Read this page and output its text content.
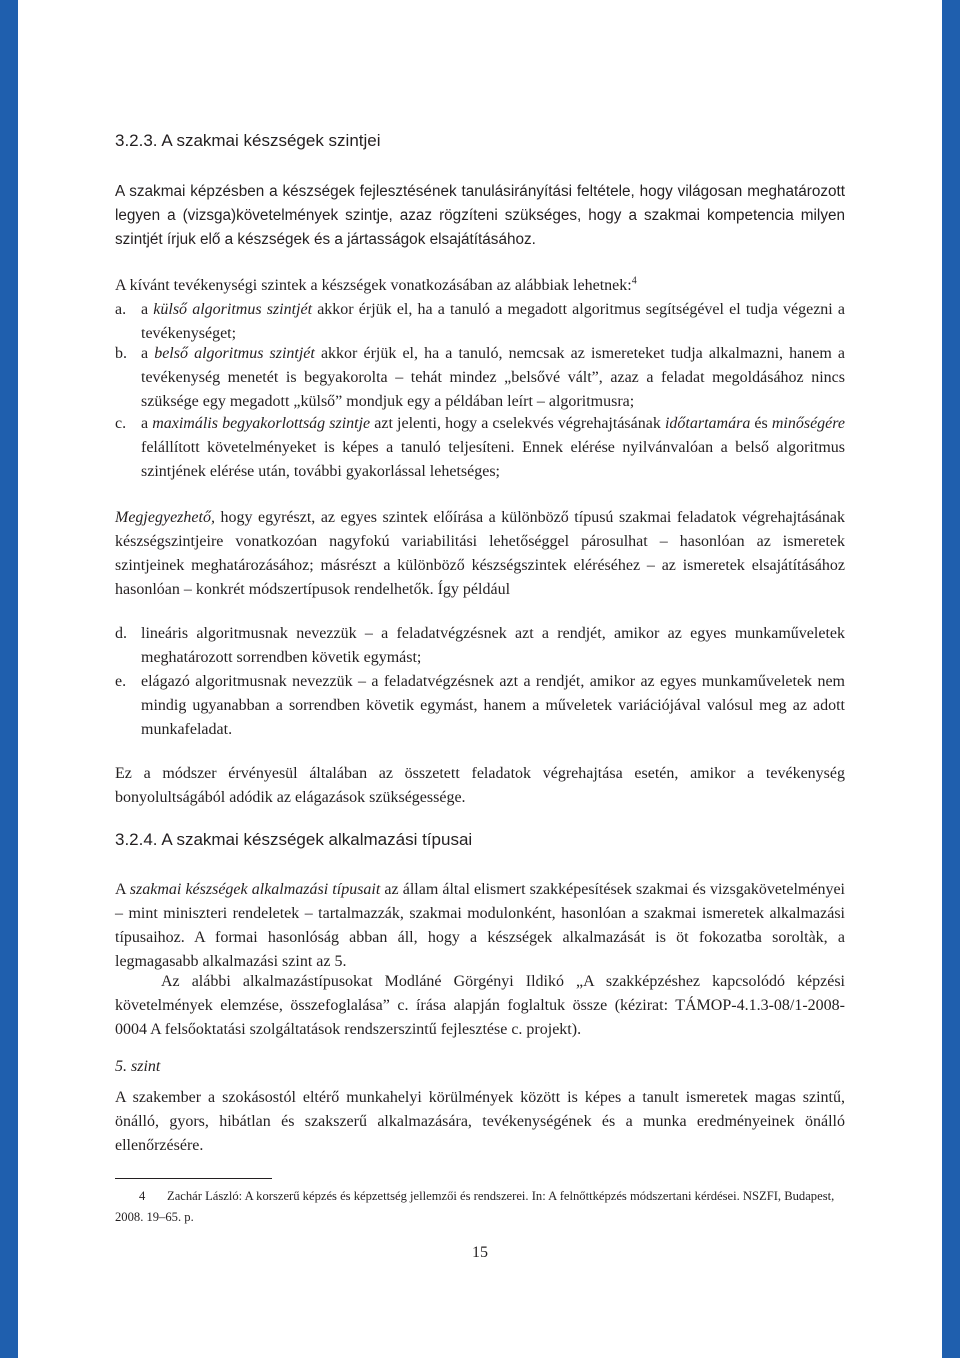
3.2.3. A szakmai készségek szintjei
A szakmai képzésben a készségek fejlesztésének tanulásirányítási feltétele, hogy világosan meghatározott legyen a (vizsga)követelmények szintje, azaz rögzíteni szükséges, hogy a szakmai kompetencia milyen szintjét írjuk elő a készségek és a jártasságok elsajátításához.
A kívánt tevékenységi szintek a készségek vonatkozásában az alábbiak lehetnek:$^4$
a. a külső algoritmus szintjét akkor érjük el, ha a tanuló a megadott algoritmus segítségével el tudja végezni a tevékenységet;
b. a belső algoritmus szintjét akkor érjük el, ha a tanuló, nemcsak az ismereteket tudja alkalmazni, hanem a tevékenység menetét is begyakorolta – tehát mindez „belsővé vált”, azaz a feladat megoldásához nincs szüksége egy megadott „külső” mondjuk egy a példában leírt – algoritmusra;
c. a maximális begyakorlottság szintje azt jelenti, hogy a cselekvés végrehajtásának időtartamára és minőségére felállított követelményeket is képes a tanuló teljesíteni. Ennek elérése nyilvánvalóan a belső algoritmus szintjének elérése után, további gyakorlással lehetséges;
Megjegyezhető, hogy egyrészt, az egyes szintek előírása a különböző típusú szakmai feladatok végrehajtásának készségszintjeire vonatkozóan nagyfokú variabilitási lehetőséggel párosulhat – hasonlóan az ismeretek szintjeinek meghatározásához; másrészt a különböző készségszintek eléréséhez – az ismeretek elsajátításához hasonlóan – konkrét módszertípusok rendelhetők. Így például
d. lineáris algoritmusnak nevezzük – a feladatvégzésnek azt a rendjét, amikor az egyes munkaműveletek meghatározott sorrendben követik egymást;
e. elágazó algoritmusnak nevezzük – a feladatvégzésnek azt a rendjét, amikor az egyes munkaműveletek nem mindig ugyanabban a sorrendben követik egymást, hanem a műveletek variációjával valósul meg az adott munkafeladat.
Ez a módszer érvényesül általában az összetett feladatok végrehajtása esetén, amikor a tevékenység bonyolultságából adódik az elágazások szükségessége.
3.2.4. A szakmai készségek alkalmazási típusai
A szakmai készségek alkalmazási típusait az állam által elismert szakképesítések szakmai és vizsgakövetelményei – mint miniszteri rendeletek – tartalmazzák, szakmai modulonként, hasonlóan a szakmai ismeretek alkalmazási típusaihoz. A formai hasonlóság abban áll, hogy a készségek alkalmazását is öt fokozatba soroltàk, a legmagasabb alkalmazási szint az 5.
Az alábbi alkalmazástípusokat Modláné Görgényi Ildikó „A szakképzéshez kapcsolódó képzési követelmények elemzése, összefoglalása” c. írása alapján foglaltuk össze (kézirat: TÁMOP-4.1.3-08/1-2008-0004 A felsőoktatási szolgáltatások rendszerszintű fejlesztése c. projekt).
5. szint
A szakember a szokásostól eltérő munkahelyi körülmények között is képes a tanult ismeretek magas szintű, önálló, gyors, hibátlan és szakszerű alkalmazására, tevékenységének és a munka eredményeinek önálló ellenőrzésére.
4 Zachár László: A korszerű képzés és képzettség jellemzői és rendszerei. In: A felnőttképzés módszertani kérdései. NSZFI, Budapest, 2008. 19–65. p.
15
